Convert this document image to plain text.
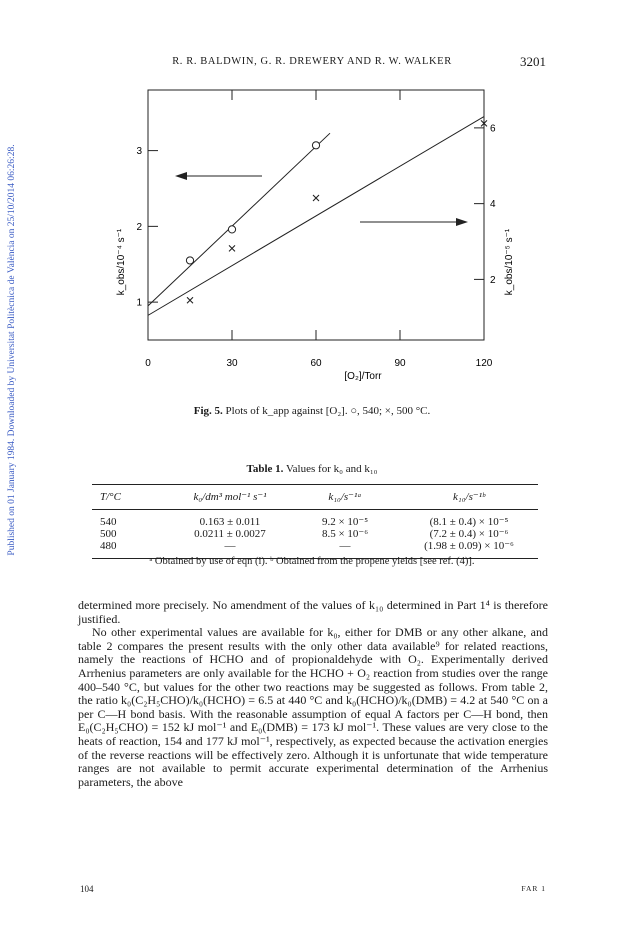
Published on 01 January 1984. Downloaded by Universitat Politècnica de València on 25/10/2014 06:26:28.
R. R. BALDWIN, G. R. DREWERY AND R. W. WALKER	3201
0	30	60	90	120
1
2
3
2
4
6
k_obs/10⁻⁴ s⁻¹	k_obs/10⁻⁵ s⁻¹
[O₂]/Torr
Fig. 5. Plots of k_app against [O₂]. ○, 540; ×, 500 °C.
Table 1. Values for k₀ and k₁₀
T/°C	k₀/dm³ mol⁻¹ s⁻¹	k₁₀/s⁻¹ᵃ	k₁₀/s⁻¹ᵇ
540	0.163 ± 0.011	9.2 × 10⁻⁵	(8.1 ± 0.4) × 10⁻⁵
500	0.0211 ± 0.0027	8.5 × 10⁻⁶	(7.2 ± 0.4) × 10⁻⁶
480	—	—	(1.98 ± 0.09) × 10⁻⁶
ᵃ Obtained by use of eqn (i). ᵇ Obtained from the propene yields [see ref. (4)].

determined more precisely. No amendment of the values of k₁₀ determined in Part 1⁴ is therefore justified.

No other experimental values are available for k₀, either for DMB or any other alkane, and table 2 compares the present results with the only other data available⁹ for related reactions, namely the reactions of HCHO and of propionaldehyde with O₂. Experimentally derived Arrhenius parameters are only available for the HCHO + O₂ reaction from studies over the range 400–540 °C, but values for the other two reactions may be suggested as follows. From table 2, the ratio k₀(C₂H₅CHO)/k₀(HCHO) = 6.5 at 440 °C and k₀(HCHO)/k₀(DMB) = 4.2 at 540 °C on a per C—H bond basis. With the reasonable assumption of equal A factors per C—H bond, then E₀(C₂H₅CHO) = 152 kJ mol⁻¹ and E₀(DMB) = 173 kJ mol⁻¹. These values are very close to the heats of reaction, 154 and 177 kJ mol⁻¹, respectively, as expected because the activation energies of the reverse reactions will be effectively zero. Although it is unfortunate that wide temperature ranges are not available to permit accurate experimental determination of the Arrhenius parameters, the above

104	FAR 1
